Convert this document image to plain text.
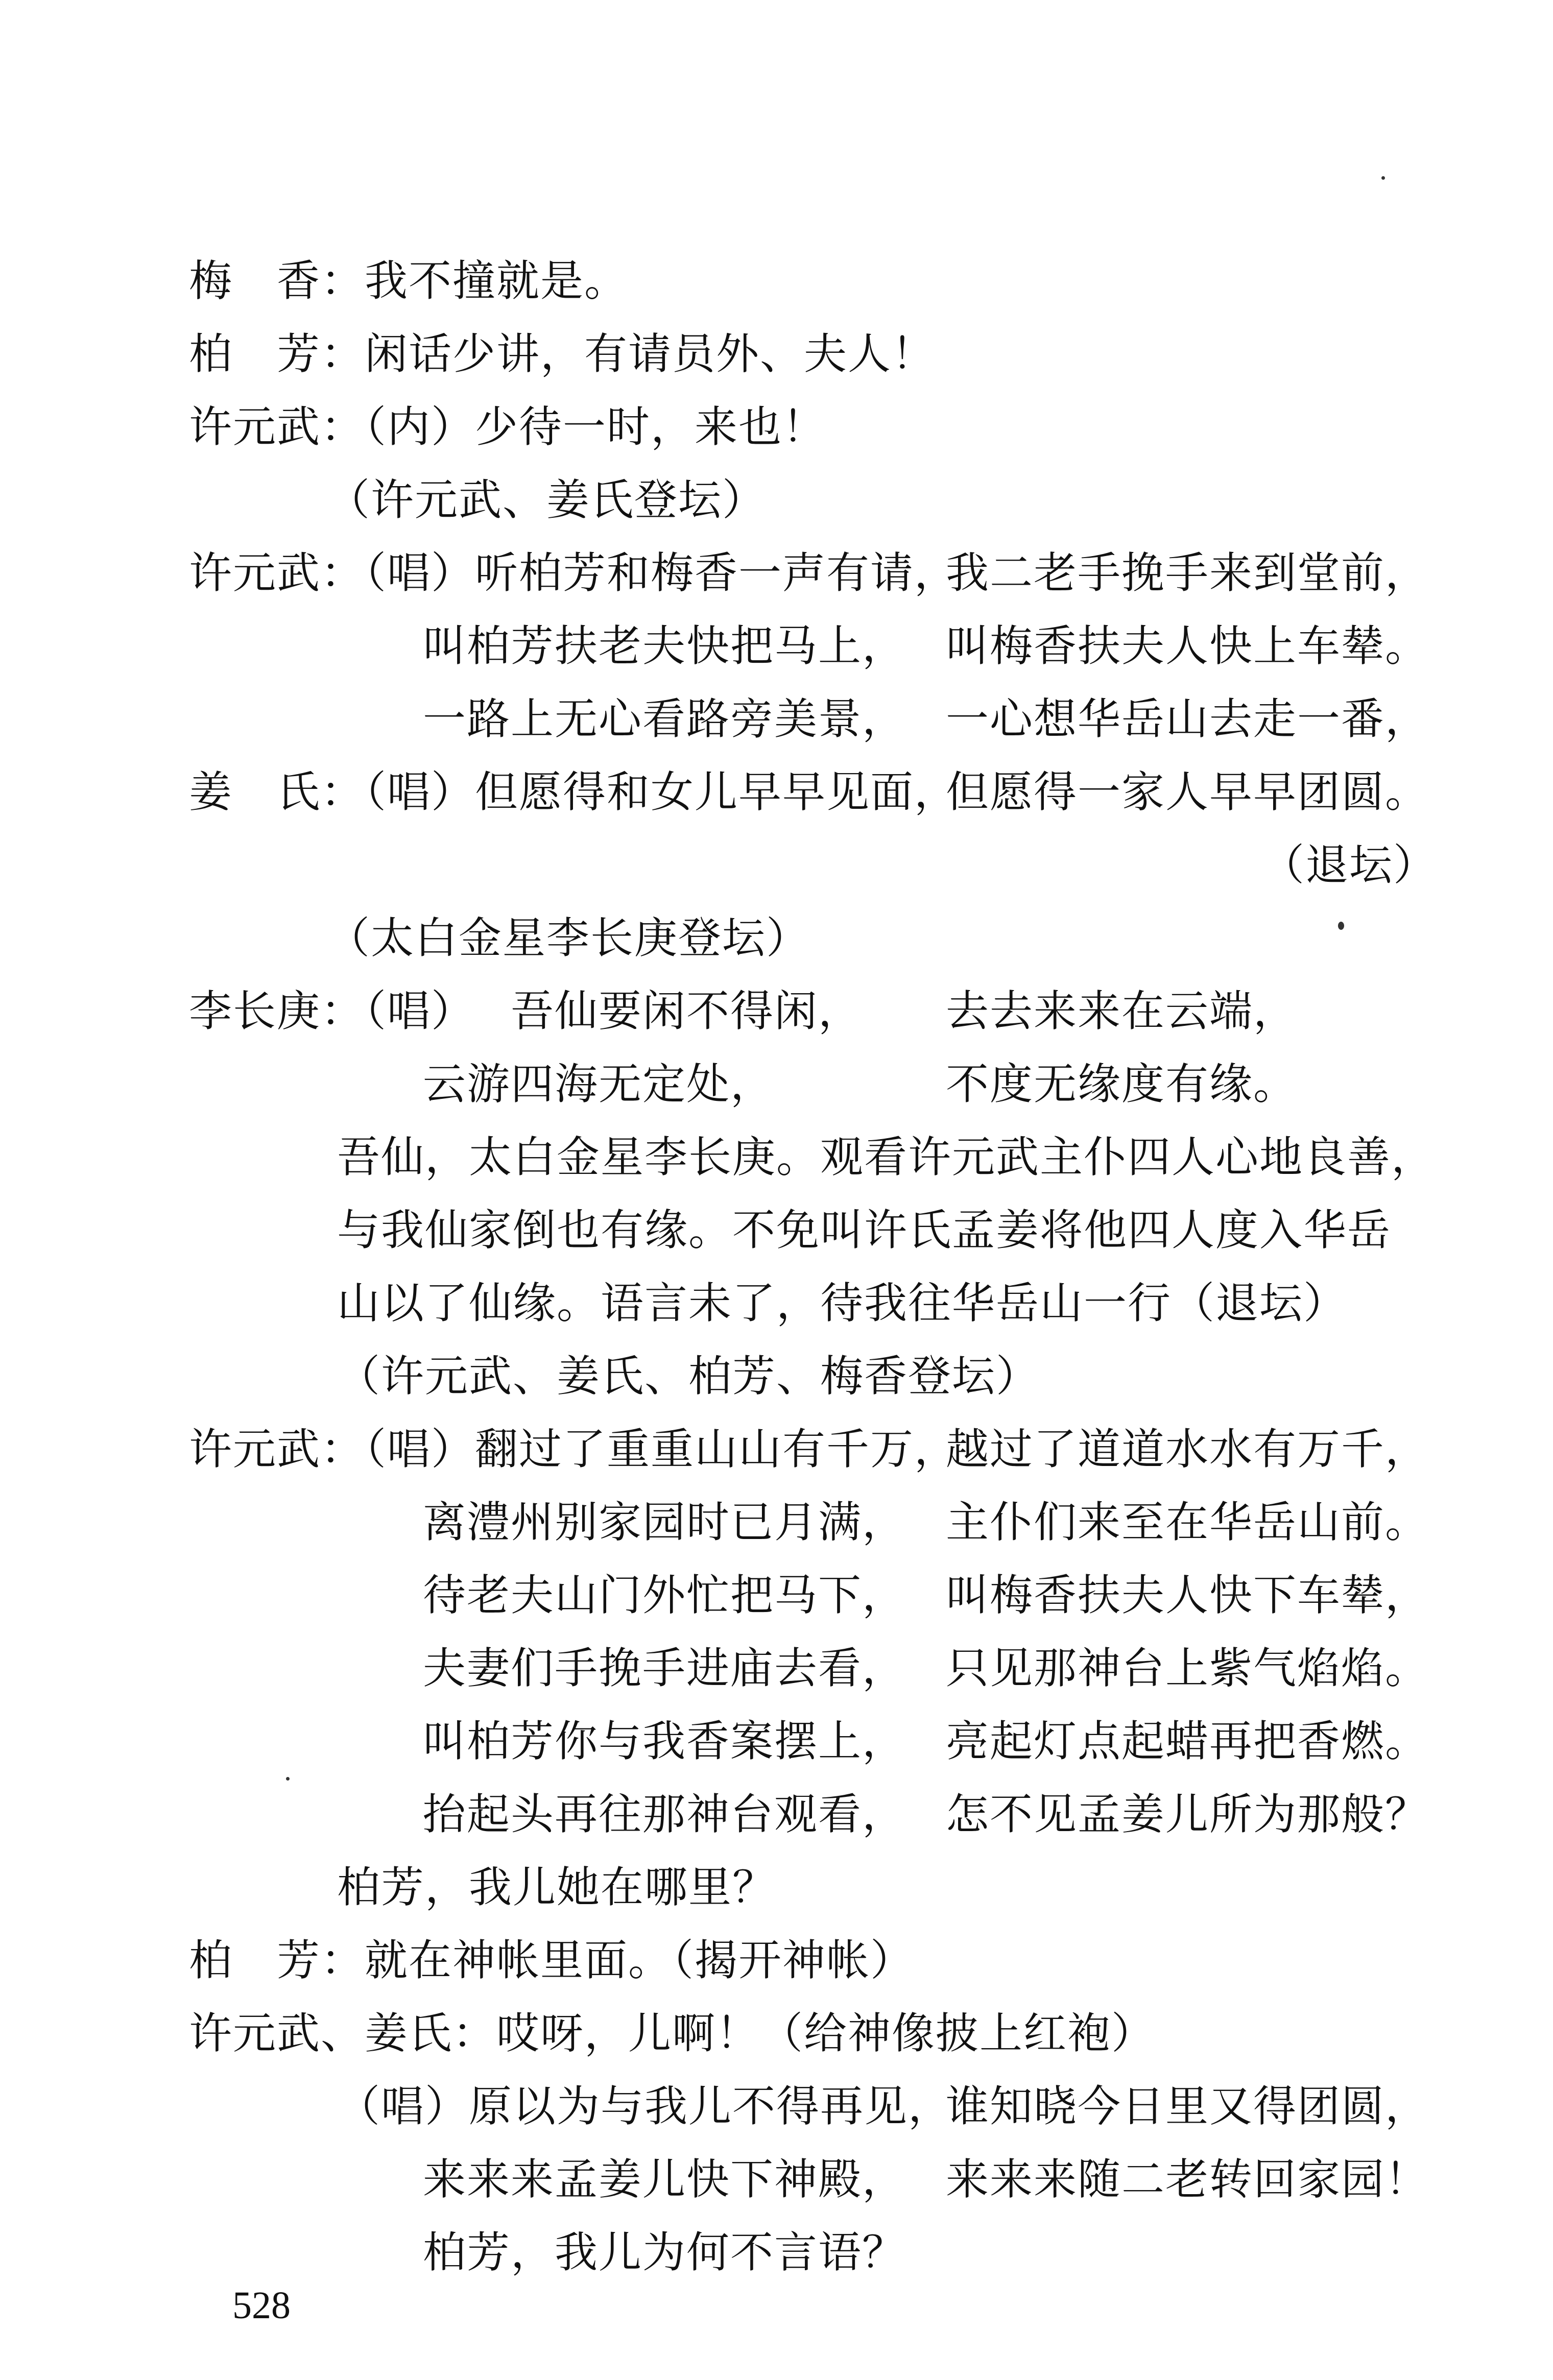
梅　香：我不撞就是。
柏　芳：闲话少讲，有请员外、夫人！
许元武：（内）少待一时，来也！
（许元武、姜氏登坛）
许元武：（唱）听柏芳和梅香一声有请，
我二老手挽手来到堂前，
叫柏芳扶老夫快把马上， 叫梅香扶夫人快上车辇。
一路上无心看路旁美景， 一心想华岳山去走一番，
姜　氏：（唱）但愿得和女儿早早见面，
但愿得一家人早早团圆。
（退坛）
（太白金星李长庚登坛）
李长庚：（唱） 吾仙要闲不得闲， 去去来来在云端，
云游四海无定处，	不度无缘度有缘。
吾仙，太白金星李长庚。观看许元武主仆四人心地良善，
与我仙家倒也有缘。不免叫许氏孟姜将他四人度入华岳
山以了仙缘。语言未了，待我往华岳山一行（退坛）
（许元武、姜氏、柏芳、梅香登坛）
许元武：（唱）翻过了重重山山有千万，
越过了道道水水有万千，
离澧州别家园时已月满， 主仆们来至在华岳山前。
待老夫山门外忙把马下， 叫梅香扶夫人快下车辇，
夫妻们手挽手进庙去看， 只见那神台上紫气焰焰。
叫柏芳你与我香案摆上， 亮起灯点起蜡再把香燃。
抬起头再往那神台观看， 怎不见孟姜儿所为那般？
柏芳，我儿她在哪里？
柏　芳：就在神帐里面。（揭开神帐）
许元武、姜氏：哎呀，儿啊！（给神像披上红袍）
（唱）原以为与我儿不得再见，
谁知晓今日里又得团圆，
来来来孟姜儿快下神殿， 来来来随二老转回家园！
柏芳，我儿为何不言语？
528
